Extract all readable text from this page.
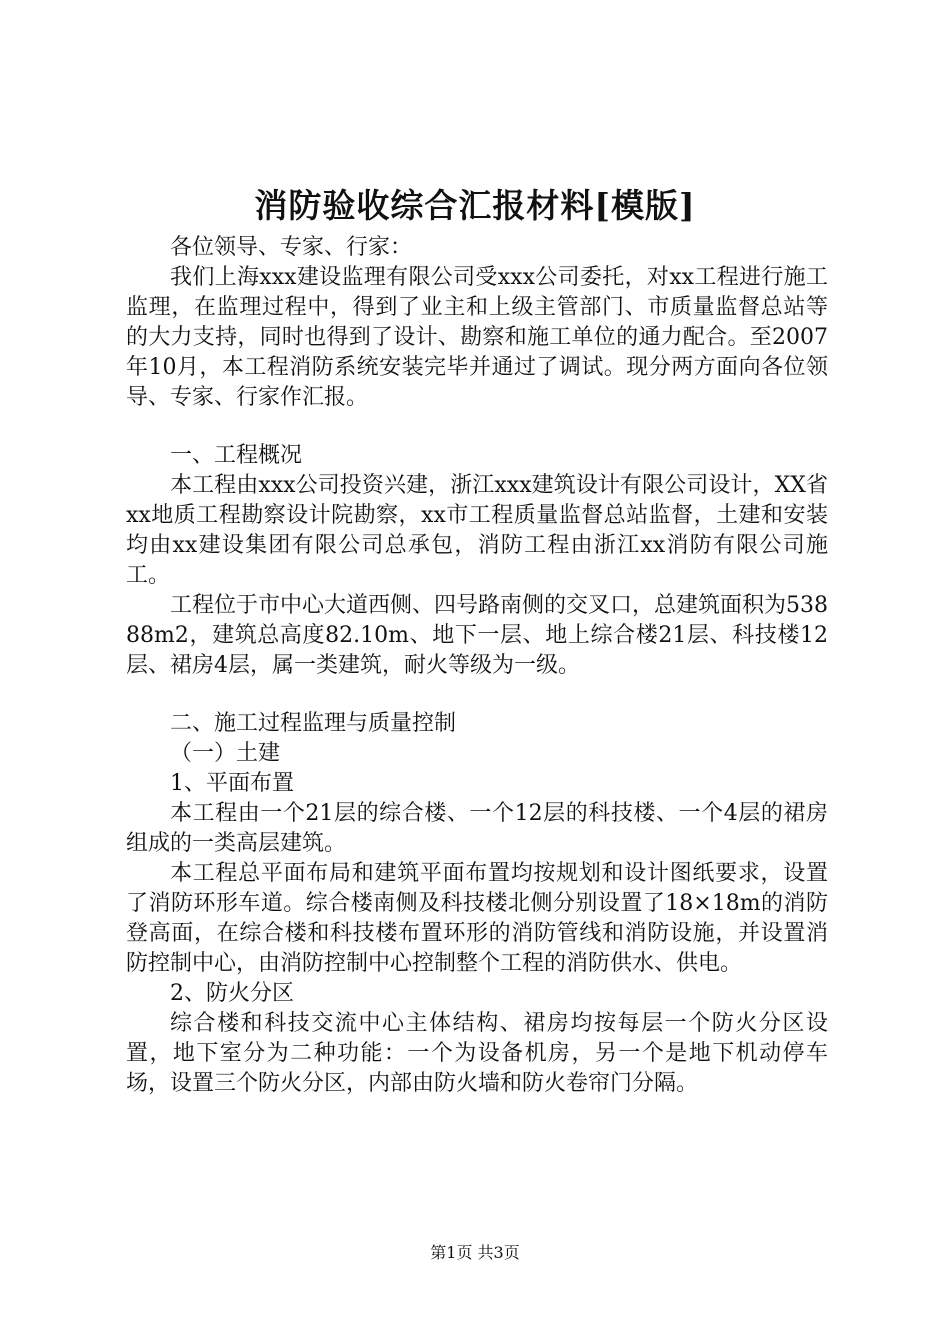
消防验收综合汇报材料[模版]

各位领导、专家、行家：

我们上海xxx建设监理有限公司受xxx公司委托，对xx工程进行施工监理，在监理过程中，得到了业主和上级主管部门、市质量监督总站等的大力支持，同时也得到了设计、勘察和施工单位的通力配合。至2007年10月，本工程消防系统安装完毕并通过了调试。现分两方面向各位领导、专家、行家作汇报。

一、工程概况

本工程由xxx公司投资兴建，浙江xxx建筑设计有限公司设计，XX省xx地质工程勘察设计院勘察，xx市工程质量监督总站监督，土建和安装均由xx建设集团有限公司总承包，消防工程由浙江xx消防有限公司施工。

工程位于市中心大道西侧、四号路南侧的交叉口，总建筑面积为53888m2，建筑总高度82.10m、地下一层、地上综合楼21层、科技楼12层、裙房4层，属一类建筑，耐火等级为一级。

二、施工过程监理与质量控制

（一）土建

1、平面布置

本工程由一个21层的综合楼、一个12层的科技楼、一个4层的裙房组成的一类高层建筑。

本工程总平面布局和建筑平面布置均按规划和设计图纸要求，设置了消防环形车道。综合楼南侧及科技楼北侧分别设置了18×18m的消防登高面，在综合楼和科技楼布置环形的消防管线和消防设施，并设置消防控制中心，由消防控制中心控制整个工程的消防供水、供电。

2、防火分区

综合楼和科技交流中心主体结构、裙房均按每层一个防火分区设置，地下室分为二种功能：一个为设备机房，另一个是地下机动停车场，设置三个防火分区，内部由防火墙和防火卷帘门分隔。

第1页 共3页
